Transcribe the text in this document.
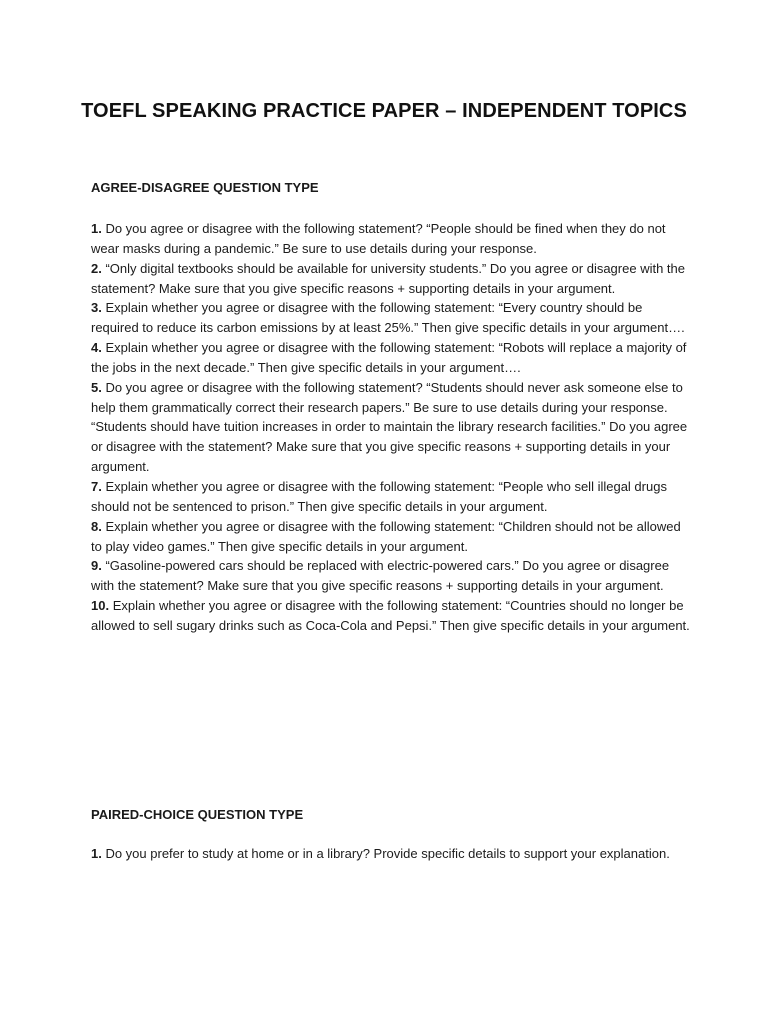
TOEFL SPEAKING PRACTICE PAPER – INDEPENDENT TOPICS
AGREE-DISAGREE QUESTION TYPE

1. Do you agree or disagree with the following statement? “People should be fined when they do not wear masks during a pandemic.” Be sure to use details during your response.

2. “Only digital textbooks should be available for university students.” Do you agree or disagree with the statement? Make sure that you give specific reasons + supporting details in your argument.

3. Explain whether you agree or disagree with the following statement: “Every country should be required to reduce its carbon emissions by at least 25%.” Then give specific details in your argument….

4. Explain whether you agree or disagree with the following statement: “Robots will replace a majority of the jobs in the next decade.” Then give specific details in your argument….

5. Do you agree or disagree with the following statement? “Students should never ask someone else to help them grammatically correct their research papers.” Be sure to use details during your response.

“Students should have tuition increases in order to maintain the library research facilities.” Do you agree or disagree with the statement? Make sure that you give specific reasons + supporting details in your argument.

7. Explain whether you agree or disagree with the following statement: “People who sell illegal drugs should not be sentenced to prison.” Then give specific details in your argument.

8. Explain whether you agree or disagree with the following statement: “Children should not be allowed to play video games.” Then give specific details in your argument.

9. “Gasoline-powered cars should be replaced with electric-powered cars.” Do you agree or disagree with the statement? Make sure that you give specific reasons + supporting details in your argument.

10. Explain whether you agree or disagree with the following statement: “Countries should no longer be allowed to sell sugary drinks such as Coca-Cola and Pepsi.” Then give specific details in your argument.

PAIRED-CHOICE QUESTION TYPE

1. Do you prefer to study at home or in a library? Provide specific details to support your explanation.
